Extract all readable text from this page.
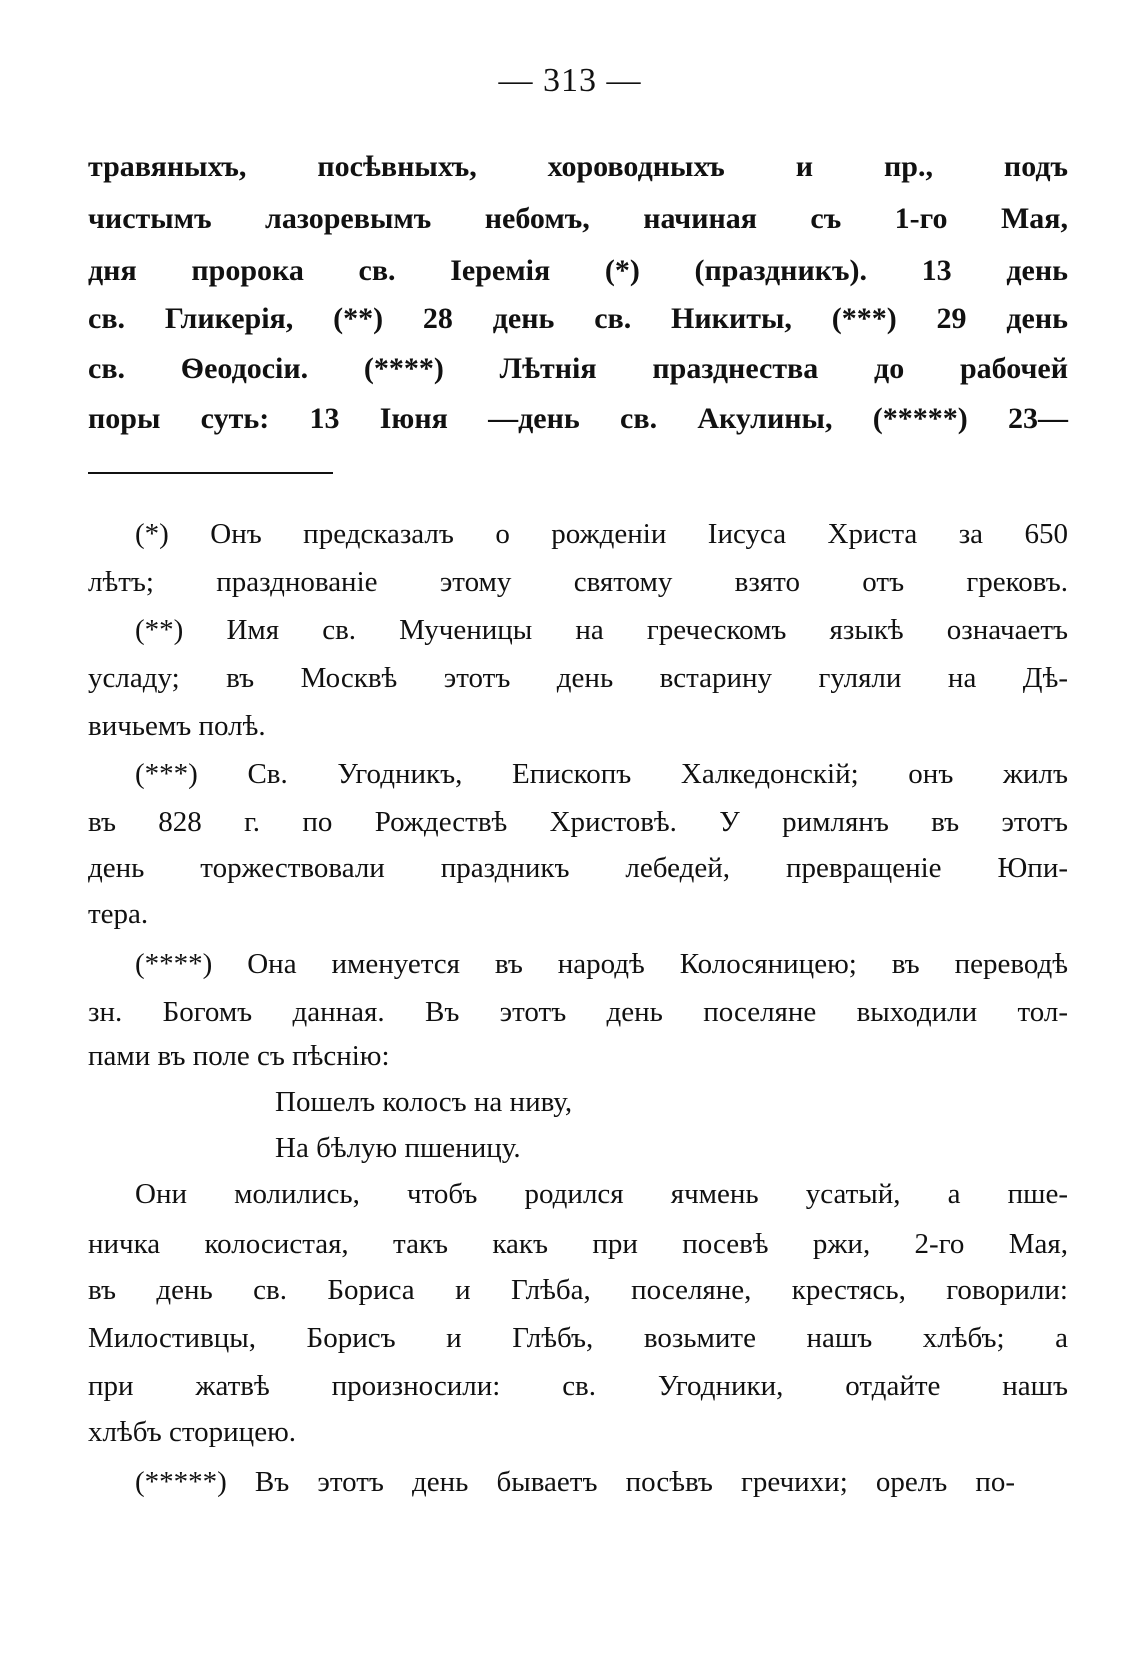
— 313 —
травяныхъ, посѣвныхъ, хороводныхъ и пр., подъ
чистымъ лазоревымъ небомъ, начиная съ 1-го Мая,
дня пророка св. Іеремія (*) (праздникъ). 13 день
св. Гликерія, (**) 28 день св. Никиты, (***) 29 день
св. Ѳеодосіи. (****) Лѣтнія празднества до рабочей
поры суть: 13 Іюня —день св. Акулины, (*****) 23—
(*) Онъ предсказалъ о рожденіи Іисуса Христа за 650
лѣтъ; празднованіе этому святому взято отъ грековъ.
(**) Имя св. Мученицы на греческомъ языкѣ означаетъ
усладу; въ Москвѣ этотъ день встарину гуляли на Дѣ-
вичьемъ полѣ.
(***) Св. Угодникъ, Епископъ Халкедонскій; онъ жилъ
въ 828 г. по Рождествѣ Христовѣ. У римлянъ въ этотъ
день торжествовали праздникъ лебедей, превращеніе Юпи-
тера.
(****) Она именуется въ народѣ Колосяницею; въ переводѣ
зн. Богомъ данная. Въ этотъ день поселяне выходили тол-
пами въ поле съ пѣснію:
Пошелъ колосъ на ниву,
На бѣлую пшеницу.
Они молились, чтобъ родился ячмень усатый, а пше-
ничка колосистая, такъ какъ при посевѣ ржи, 2-го Мая,
въ день св. Бориса и Глѣба, поселяне, крестясь, говорили:
Милостивцы, Борисъ и Глѣбъ, возьмите нашъ хлѣбъ; а
при жатвѣ произносили: св. Угодники, отдайте нашъ
хлѣбъ сторицею.
(*****) Въ этотъ день бываетъ посѣвъ гречихи; орелъ по-
